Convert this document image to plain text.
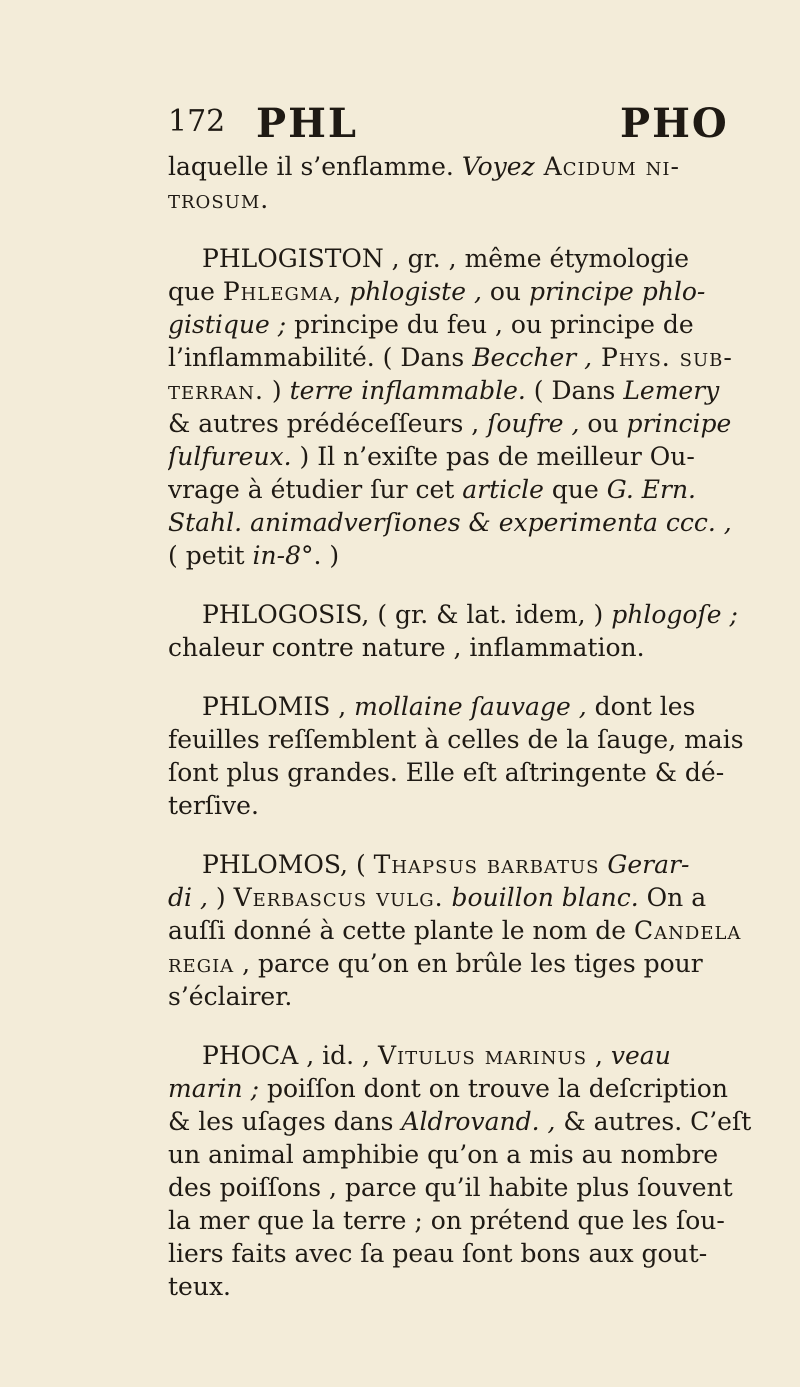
172 PHL	PHO
laquelle il s’enflamme. Voyez Acidum ni-
trosum.
PHLOGISTON , gr. , même étymologie
que Phlegma, phlogiste , ou principe phlo-
gistique ; principe du feu , ou principe de
l’inflammabilité. ( Dans Beccher , Phys. sub-
terran. ) terre inflammable. ( Dans Lemery
& autres prédéceſſeurs , ſoufre , ou principe
ſulfureux. ) Il n’exiſte pas de meilleur Ou-
vrage à étudier ſur cet article que G. Ern.
Stahl. animadverſiones & experimenta ccc. ,
( petit in-8°. )
PHLOGOSIS, ( gr. & lat. idem, ) phlogoſe ;
chaleur contre nature , inflammation.
PHLOMIS , mollaine ſauvage , dont les
feuilles reſſemblent à celles de la ſauge, mais
ſont plus grandes. Elle eſt aſtringente & dé-
terſive.
PHLOMOS, ( Thapsus barbatus Gerar-
di , ) Verbascus vulg. bouillon blanc. On a
auſſi donné à cette plante le nom de Candela
regia , parce qu’on en brûle les tiges pour
s’éclairer.
PHOCA , id. , Vitulus marinus , veau
marin ; poiſſon dont on trouve la deſcription
& les uſages dans Aldrovand. , & autres. C’eſt
un animal amphibie qu’on a mis au nombre
des poiſſons , parce qu’il habite plus ſouvent
la mer que la terre ; on prétend que les ſou-
liers faits avec ſa peau ſont bons aux gout-
teux.
